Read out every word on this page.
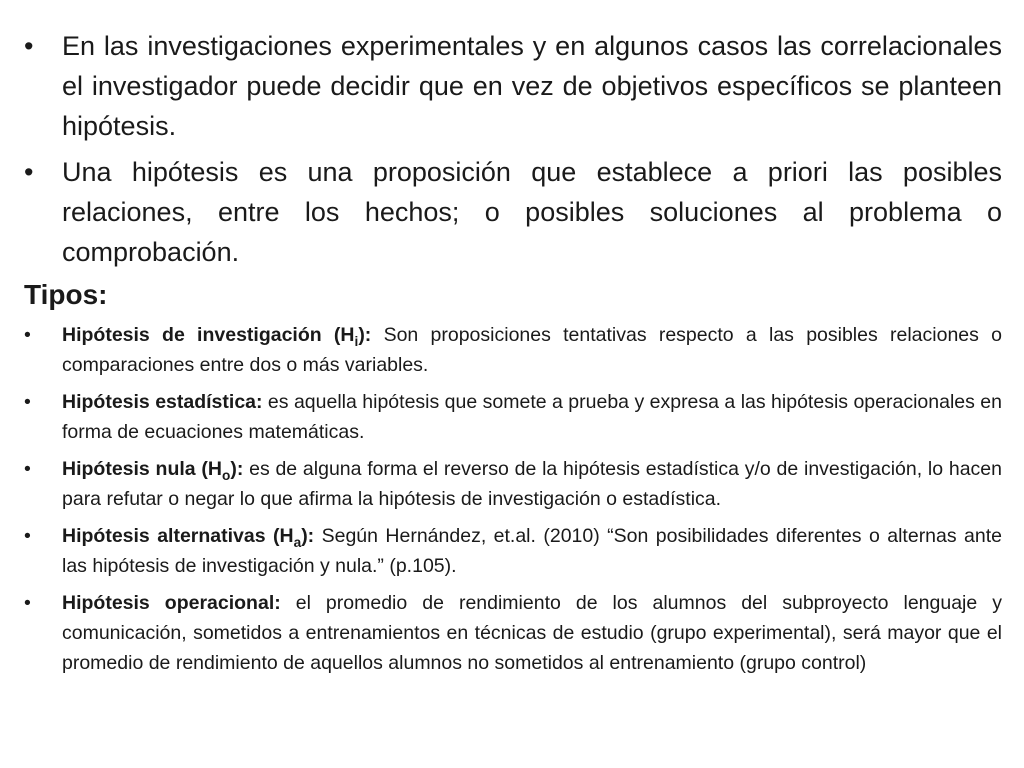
• En las investigaciones experimentales y en algunos casos las correlacionales el investigador puede decidir que en vez de objetivos específicos se planteen hipótesis.
• Una hipótesis es una proposición que establece a priori las posibles relaciones, entre los hechos; o posibles soluciones al problema o comprobación.
Tipos:
• Hipótesis de investigación $(H_i)$: Son proposiciones tentativas respecto a las posibles relaciones o comparaciones entre dos o más variables.
• Hipótesis estadística: es aquella hipótesis que somete a prueba y expresa a las hipótesis operacionales en forma de ecuaciones matemáticas.
• Hipótesis nula $(H_o)$: es de alguna forma el reverso de la hipótesis estadística y/o de investigación, lo hacen para refutar o negar lo que afirma la hipótesis de investigación o estadística.
• Hipótesis alternativas $(H_a)$: Según Hernández, et.al. (2010) “Son posibilidades diferentes o alternas ante las hipótesis de investigación y nula.” (p.105).
• Hipótesis operacional: el promedio de rendimiento de los alumnos del subproyecto lenguaje y comunicación, sometidos a entrenamientos en técnicas de estudio (grupo experimental), será mayor que el promedio de rendimiento de aquellos alumnos no sometidos al entrenamiento (grupo control)
